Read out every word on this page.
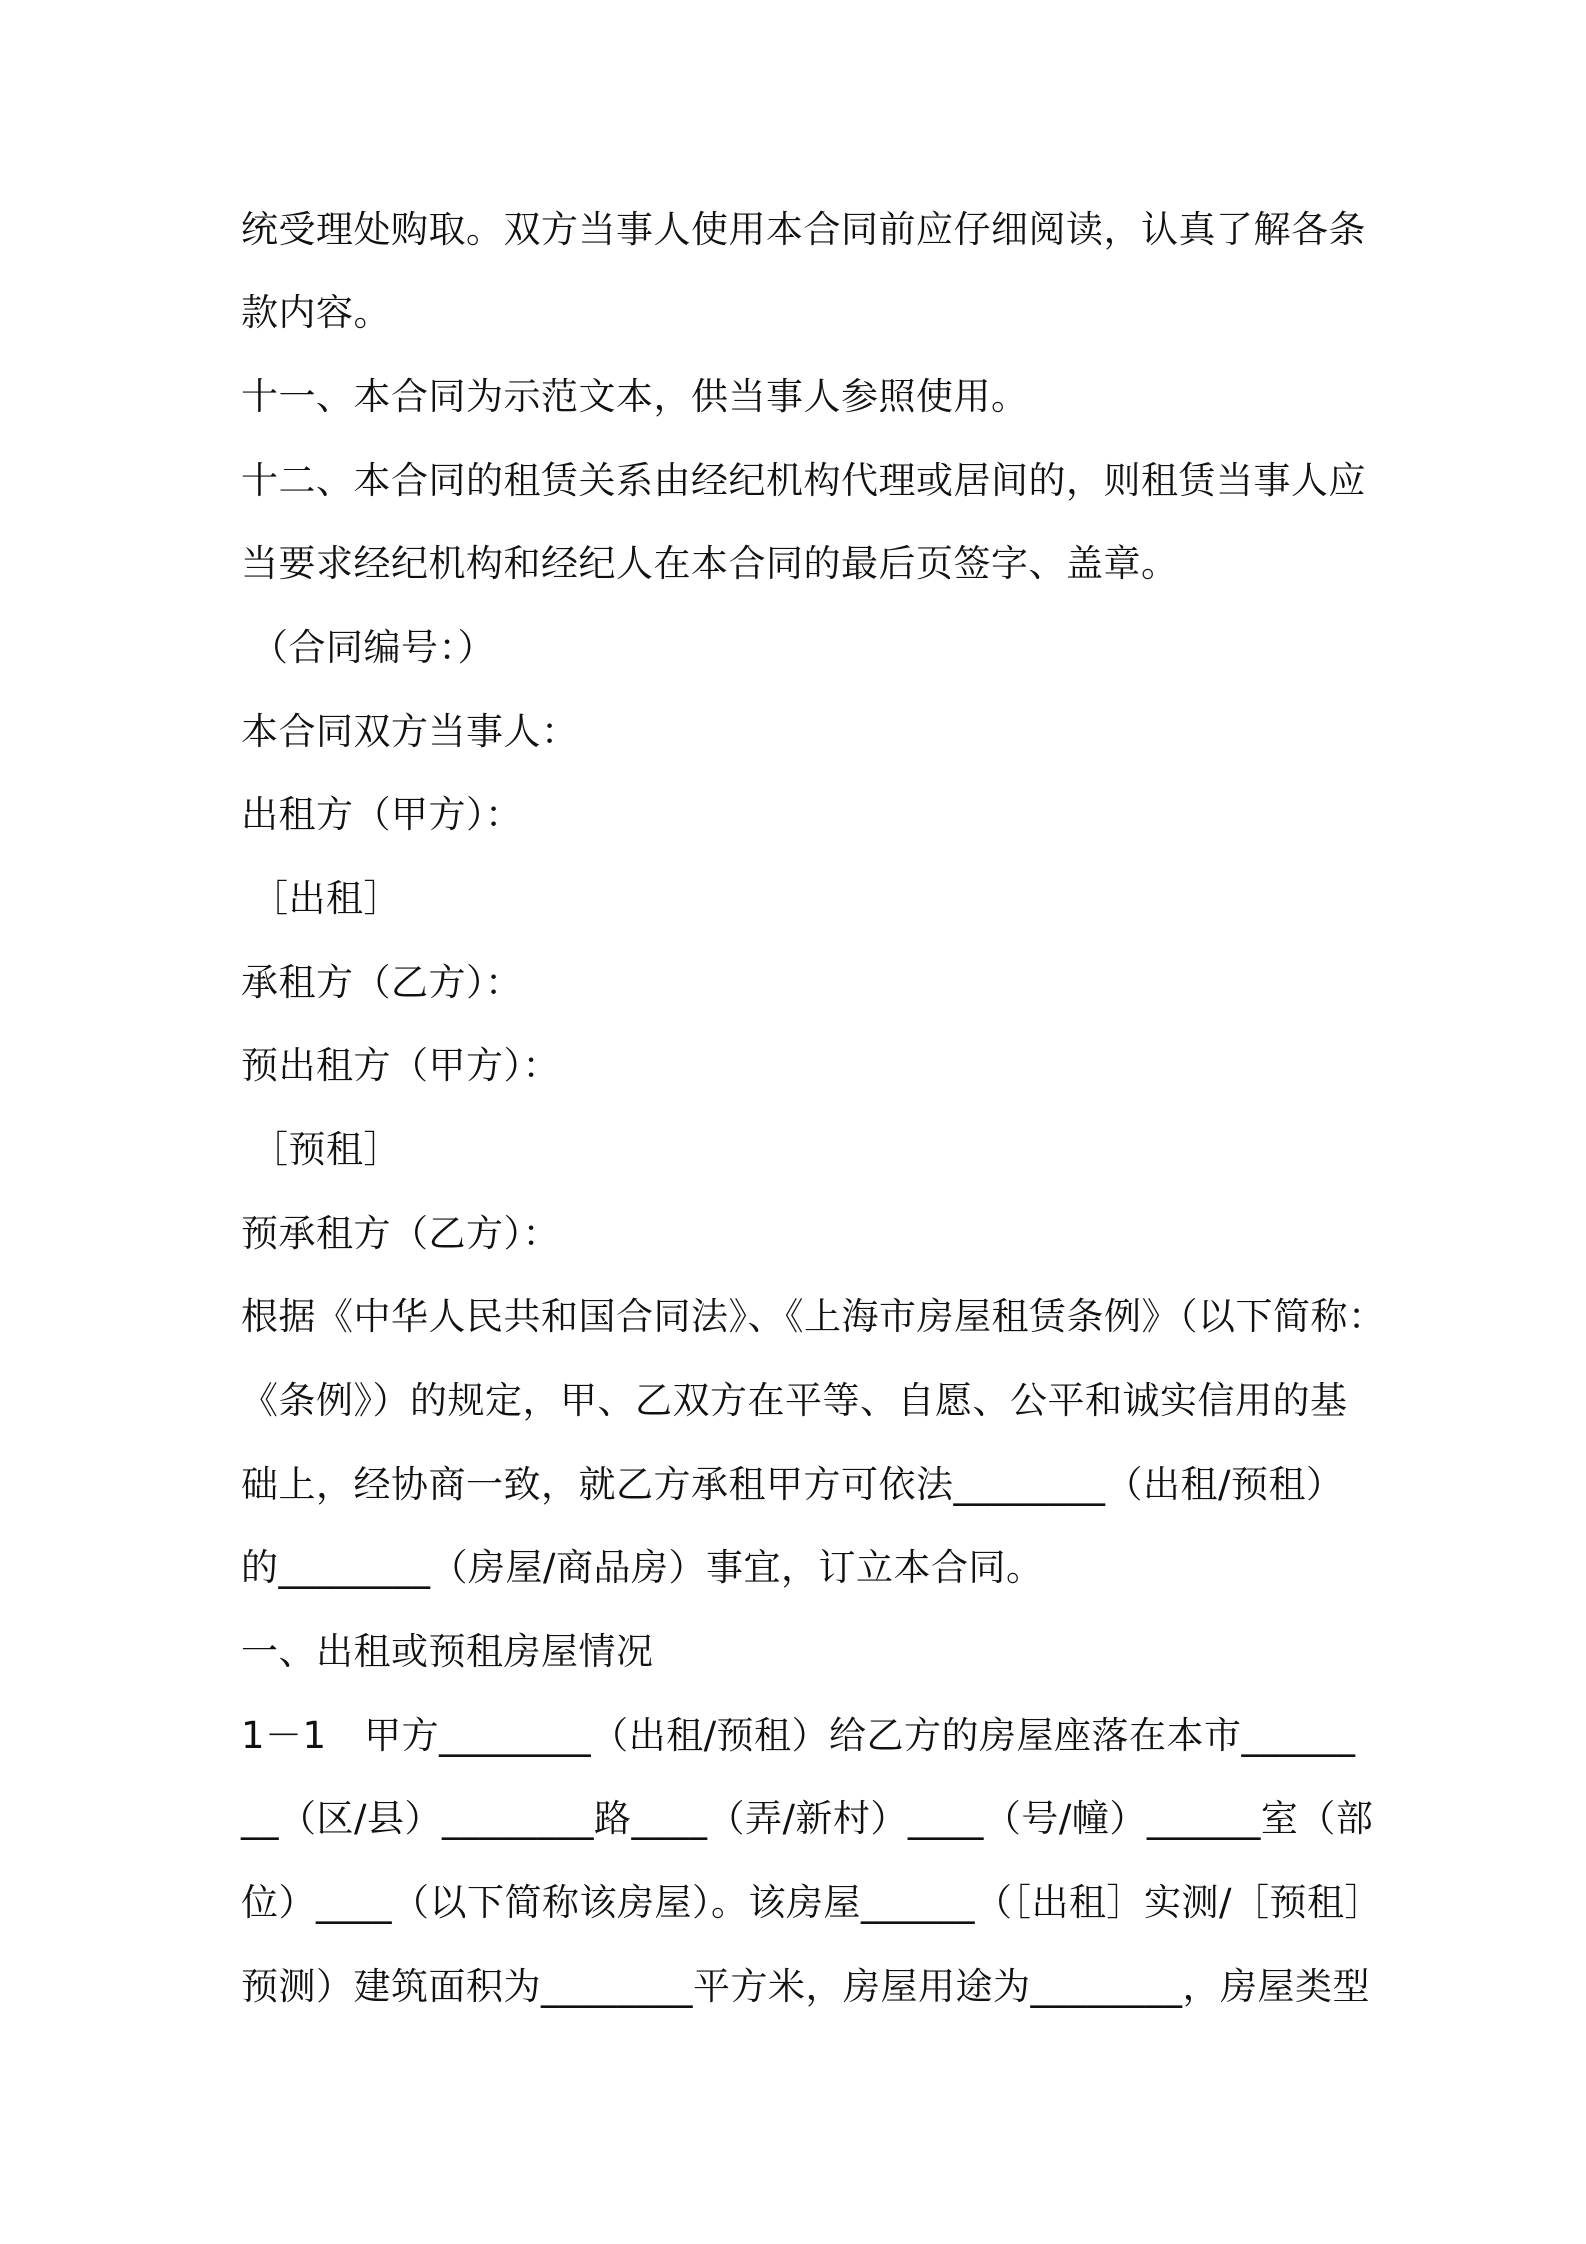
统受理处购取。双方当事人使用本合同前应仔细阅读，认真了解各条
款内容。
十一、本合同为示范文本，供当事人参照使用。
十二、本合同的租赁关系由经纪机构代理或居间的，则租赁当事人应
当要求经纪机构和经纪人在本合同的最后页签字、盖章。
（合同编号：）
本合同双方当事人：
出租方（甲方）：
［出租］
承租方（乙方）：
预出租方（甲方）：
［预租］
预承租方（乙方）：
根据《中华人民共和国合同法》、《上海市房屋租赁条例》（以下简称：
《条例》）的规定，甲、乙双方在平等、自愿、公平和诚实信用的基
础上，经协商一致，就乙方承租甲方可依法________（出租/预租）
的________（房屋/商品房）事宜，订立本合同。
一、出租或预租房屋情况
1－1　甲方________（出租/预租）给乙方的房屋座落在本市______
__（区/县）________路____（弄/新村）____（号/幢）______室（部
位）____（以下简称该房屋）。该房屋______（［出租］实测/［预租］
预测）建筑面积为________平方米，房屋用途为________，房屋类型
